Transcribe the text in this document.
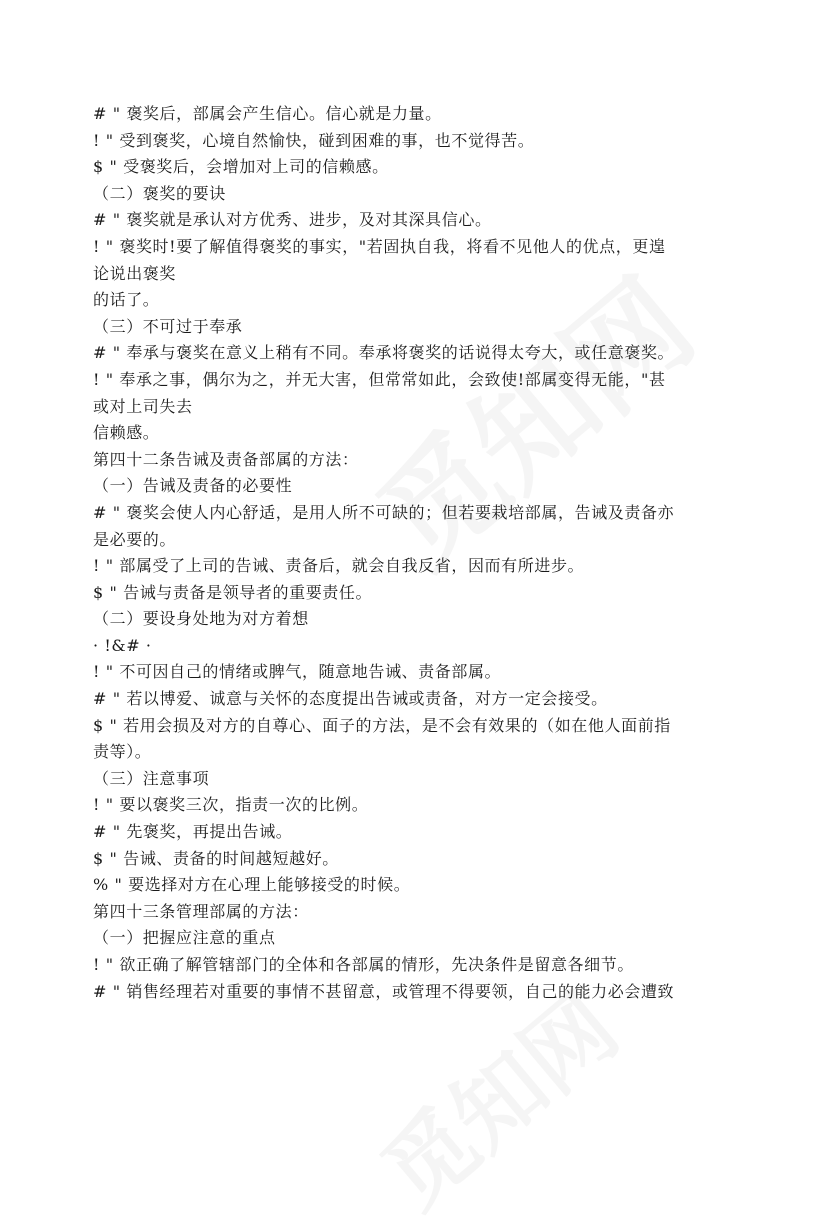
# " 褒奖后，部属会产生信心。信心就是力量。
! " 受到褒奖，心境自然愉快，碰到困难的事，也不觉得苦。
$ " 受褒奖后，会增加对上司的信赖感。
（二）褒奖的要诀
# " 褒奖就是承认对方优秀、进步，及对其深具信心。
! " 褒奖时!要了解值得褒奖的事实，"若固执自我，将看不见他人的优点，更遑
论说出褒奖
的话了。
（三）不可过于奉承
# " 奉承与褒奖在意义上稍有不同。奉承将褒奖的话说得太夸大，或任意褒奖。
! " 奉承之事，偶尔为之，并无大害，但常常如此，会致使!部属变得无能，"甚
或对上司失去
信赖感。
第四十二条告诫及责备部属的方法：
（一）告诫及责备的必要性
# " 褒奖会使人内心舒适，是用人所不可缺的；但若要栽培部属，告诫及责备亦
是必要的。
! " 部属受了上司的告诫、责备后，就会自我反省，因而有所进步。
$ " 告诫与责备是领导者的重要责任。
（二）要设身处地为对方着想
· !&# ·
! " 不可因自己的情绪或脾气，随意地告诫、责备部属。
# " 若以博爱、诚意与关怀的态度提出告诫或责备，对方一定会接受。
$ " 若用会损及对方的自尊心、面子的方法，是不会有效果的（如在他人面前指
责等）。
（三）注意事项
! " 要以褒奖三次，指责一次的比例。
# " 先褒奖，再提出告诫。
$ " 告诫、责备的时间越短越好。
% " 要选择对方在心理上能够接受的时候。
第四十三条管理部属的方法：
（一）把握应注意的重点
! " 欲正确了解管辖部门的全体和各部属的情形，先决条件是留意各细节。
# " 销售经理若对重要的事情不甚留意，或管理不得要领，自己的能力必会遭致
